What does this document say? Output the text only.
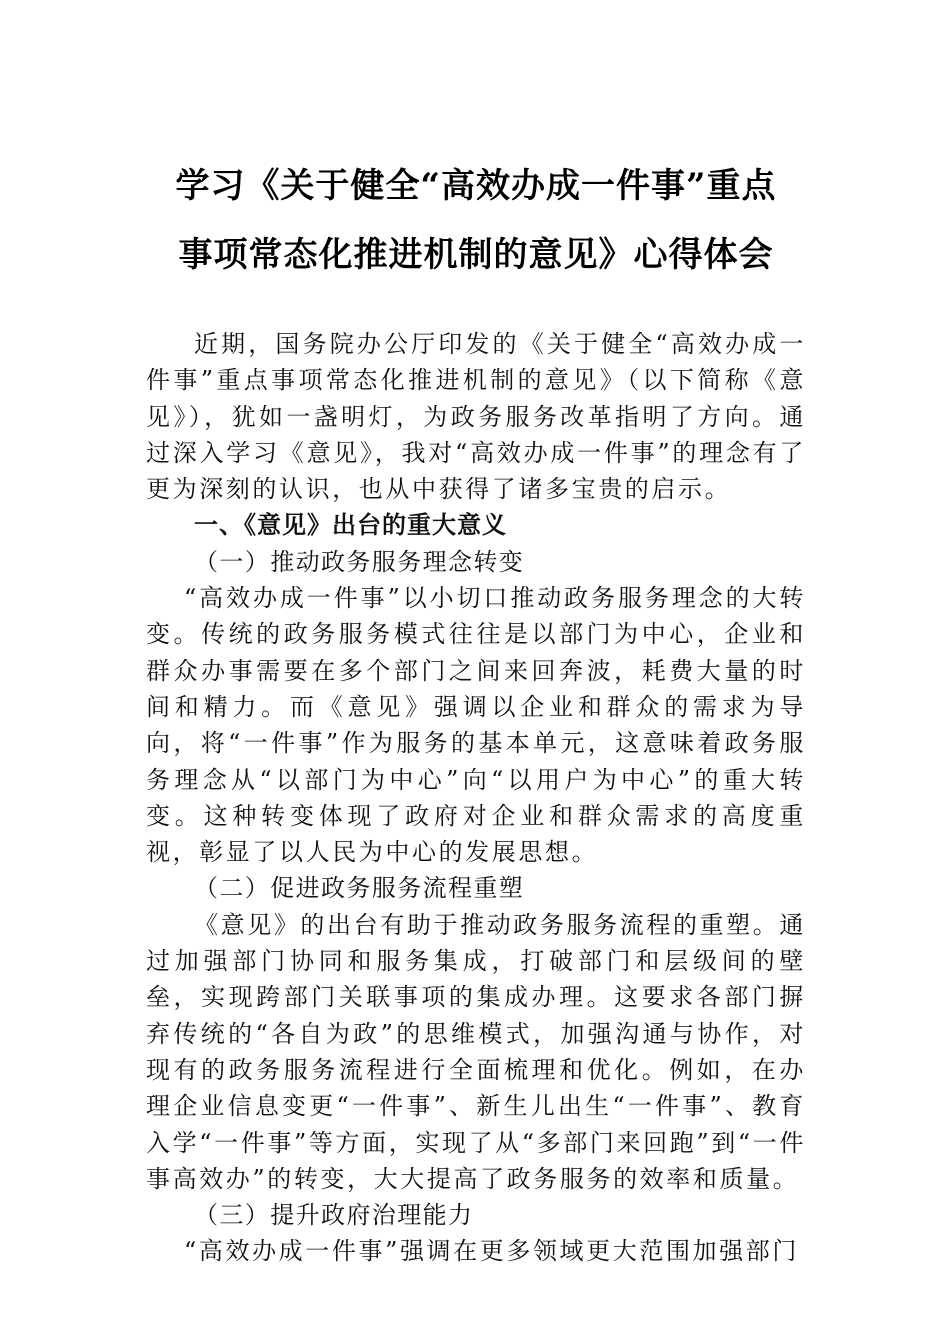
学习《关于健全“高效办成一件事”重点
事项常态化推进机制的意见》心得体会

近期，国务院办公厅印发的《关于健全“高效办成一件事”重点事项常态化推进机制的意见》（以下简称《意见》），犹如一盏明灯，为政务服务改革指明了方向。通过深入学习《意见》，我对“高效办成一件事”的理念有了更为深刻的认识，也从中获得了诸多宝贵的启示。

一、《意见》出台的重大意义

（一）推动政务服务理念转变

“高效办成一件事”以小切口推动政务服务理念的大转变。传统的政务服务模式往往是以部门为中心，企业和群众办事需要在多个部门之间来回奔波，耗费大量的时间和精力。而《意见》强调以企业和群众的需求为导向，将“一件事”作为服务的基本单元，这意味着政务服务理念从“以部门为中心”向“以用户为中心”的重大转变。这种转变体现了政府对企业和群众需求的高度重视，彰显了以人民为中心的发展思想。

（二）促进政务服务流程重塑

《意见》的出台有助于推动政务服务流程的重塑。通过加强部门协同和服务集成，打破部门和层级间的壁垒，实现跨部门关联事项的集成办理。这要求各部门摒弃传统的“各自为政”的思维模式，加强沟通与协作，对现有的政务服务流程进行全面梳理和优化。例如，在办理企业信息变更“一件事”、新生儿出生“一件事”、教育入学“一件事”等方面，实现了从“多部门来回跑”到“一件事高效办”的转变，大大提高了政务服务的效率和质量。

（三）提升政府治理能力

“高效办成一件事”强调在更多领域更大范围加强部门
